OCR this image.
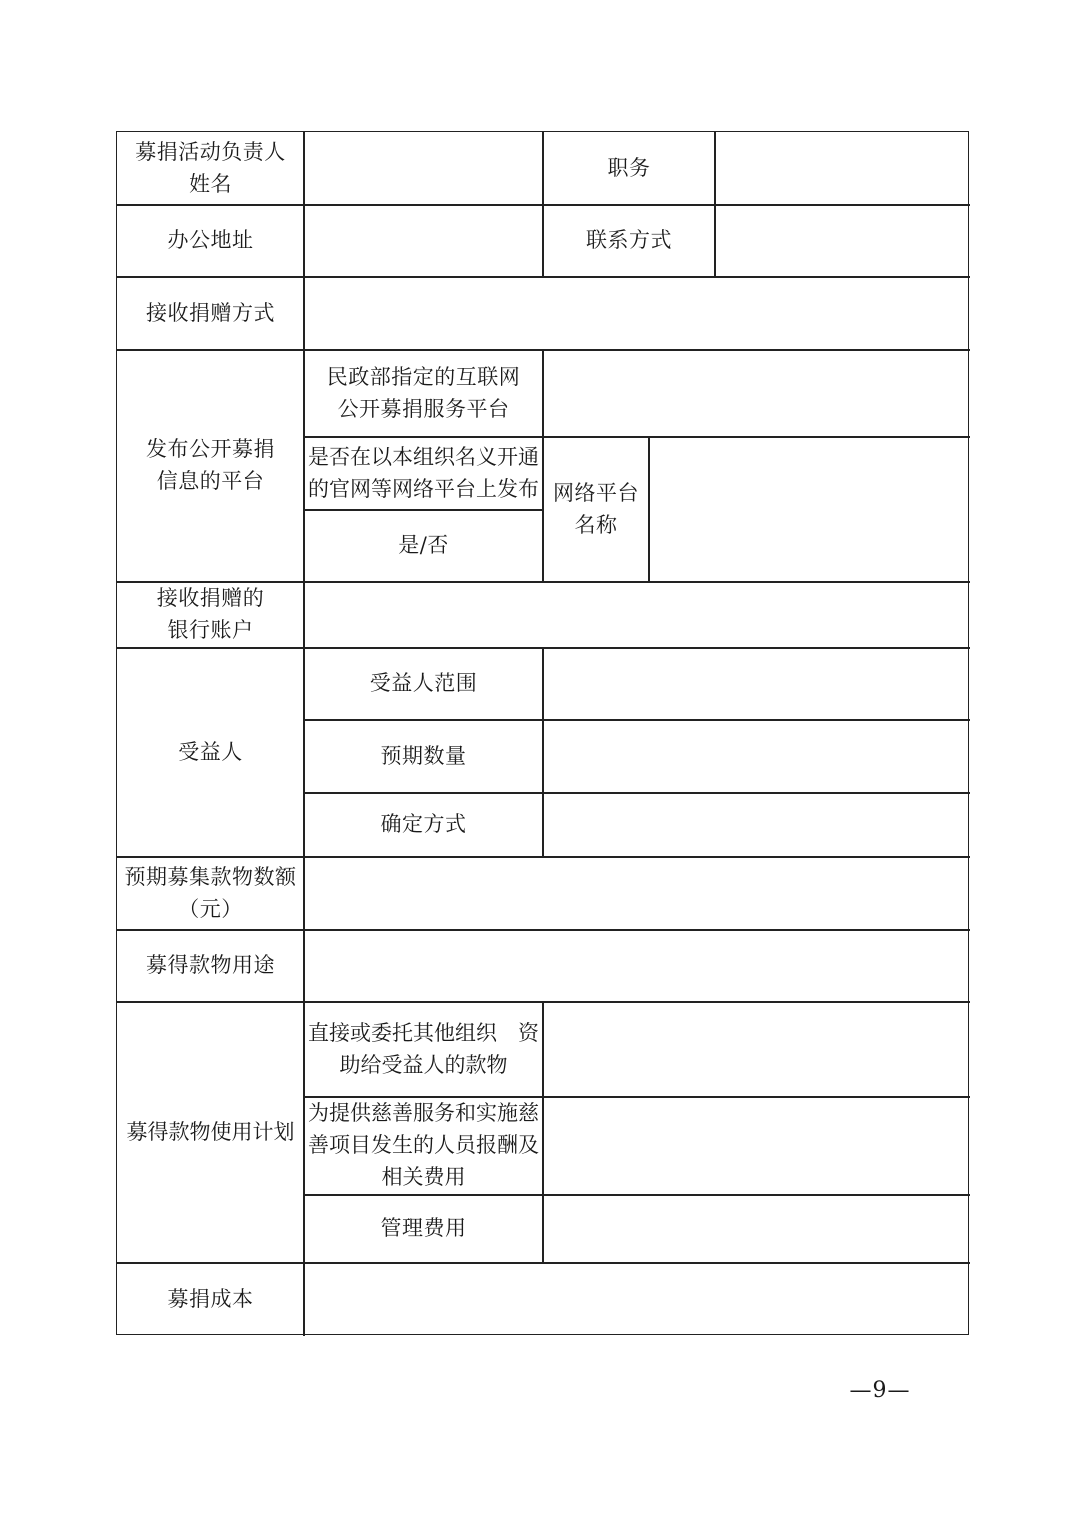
募捐活动负责人姓名
职务
办公地址	联系方式
接收捐赠方式
发布公开募捐信息的平台
民政部指定的互联网公开募捐服务平台
是否在以本组织名义开通的官网等网络平台上发布
是/否
网络平台名称
接收捐赠的银行账户
受益人
受益人范围
预期数量
确定方式
预期募集款物数额（元）
募得款物用途
募得款物使用计划
直接或委托其他组织　资助给受益人的款物
为提供慈善服务和实施慈善项目发生的人员报酬及相关费用
管理费用
募捐成本
—9—
